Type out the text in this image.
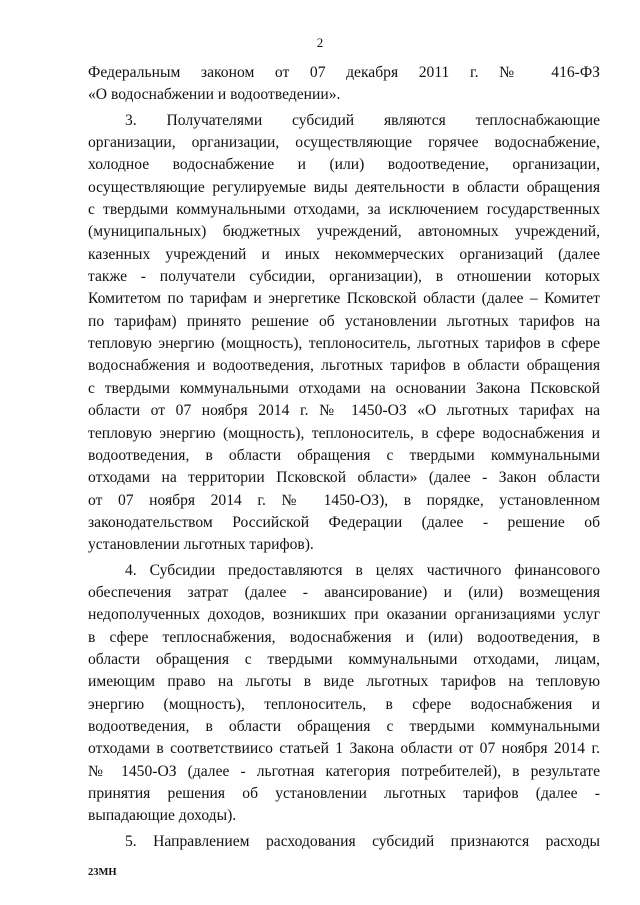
2
Федеральным законом от 07 декабря 2011 г. № 416-ФЗ
«О водоснабжении и водоотведении».
3. Получателями субсидий являются теплоснабжающие
организации, организации, осуществляющие горячее водоснабжение,
холодное водоснабжение и (или) водоотведение, организации,
осуществляющие регулируемые виды деятельности в области обращения
с твердыми коммунальными отходами, за исключением государственных
(муниципальных) бюджетных учреждений, автономных учреждений,
казенных учреждений и иных некоммерческих организаций (далее
также - получатели субсидии, организации), в отношении которых
Комитетом по тарифам и энергетике Псковской области (далее – Комитет
по тарифам) принято решение об установлении льготных тарифов на
тепловую энергию (мощность), теплоноситель, льготных тарифов в сфере
водоснабжения и водоотведения, льготных тарифов в области обращения
с твердыми коммунальными отходами на основании Закона Псковской
области от 07 ноября 2014 г. № 1450-ОЗ «О льготных тарифах на
тепловую энергию (мощность), теплоноситель, в сфере водоснабжения и
водоотведения, в области обращения с твердыми коммунальными
отходами на территории Псковской области» (далее - Закон области
от 07 ноября 2014 г. № 1450-ОЗ), в порядке, установленном
законодательством Российской Федерации (далее - решение об
установлении льготных тарифов).
4. Субсидии предоставляются в целях частичного финансового
обеспечения затрат (далее - авансирование) и (или) возмещения
недополученных доходов, возникших при оказании организациями услуг
в сфере теплоснабжения, водоснабжения и (или) водоотведения, в
области обращения с твердыми коммунальными отходами, лицам,
имеющим право на льготы в виде льготных тарифов на тепловую
энергию (мощность), теплоноситель, в сфере водоснабжения и
водоотведения, в области обращения с твердыми коммунальными
отходами в соответствиисо статьей 1 Закона области от 07 ноября 2014 г.
№ 1450-ОЗ (далее - льготная категория потребителей), в результате
принятия решения об установлении льготных тарифов (далее -
выпадающие доходы).
5. Направлением расходования субсидий признаются расходы
23МН
